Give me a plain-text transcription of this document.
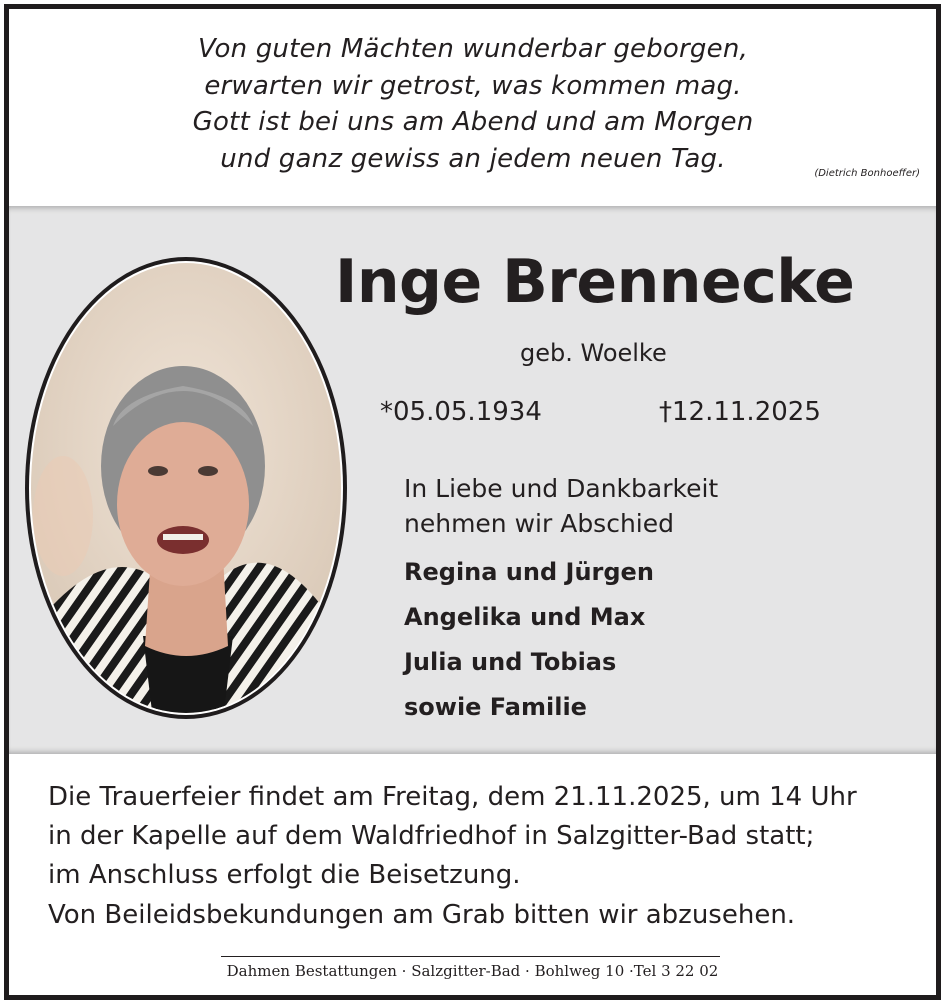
Von guten Mächten wunderbar geborgen,
erwarten wir getrost, was kommen mag.
Gott ist bei uns am Abend und am Morgen
und ganz gewiss an jedem neuen Tag.	(Dietrich Bonhoeffer)
Inge Brennecke
geb. Woelke
*05.05.1934	†12.11.2025
In Liebe und Dankbarkeit
nehmen wir Abschied
Regina und Jürgen
Angelika und Max
Julia und Tobias
sowie Familie
Die Trauerfeier findet am Freitag, dem 21.11.2025, um 14 Uhr
in der Kapelle auf dem Waldfriedhof in Salzgitter-Bad statt;
im Anschluss erfolgt die Beisetzung.
Von Beileidsbekundungen am Grab bitten wir abzusehen.
Dahmen Bestattungen · Salzgitter-Bad · Bohlweg 10 ·Tel 3 22 02
